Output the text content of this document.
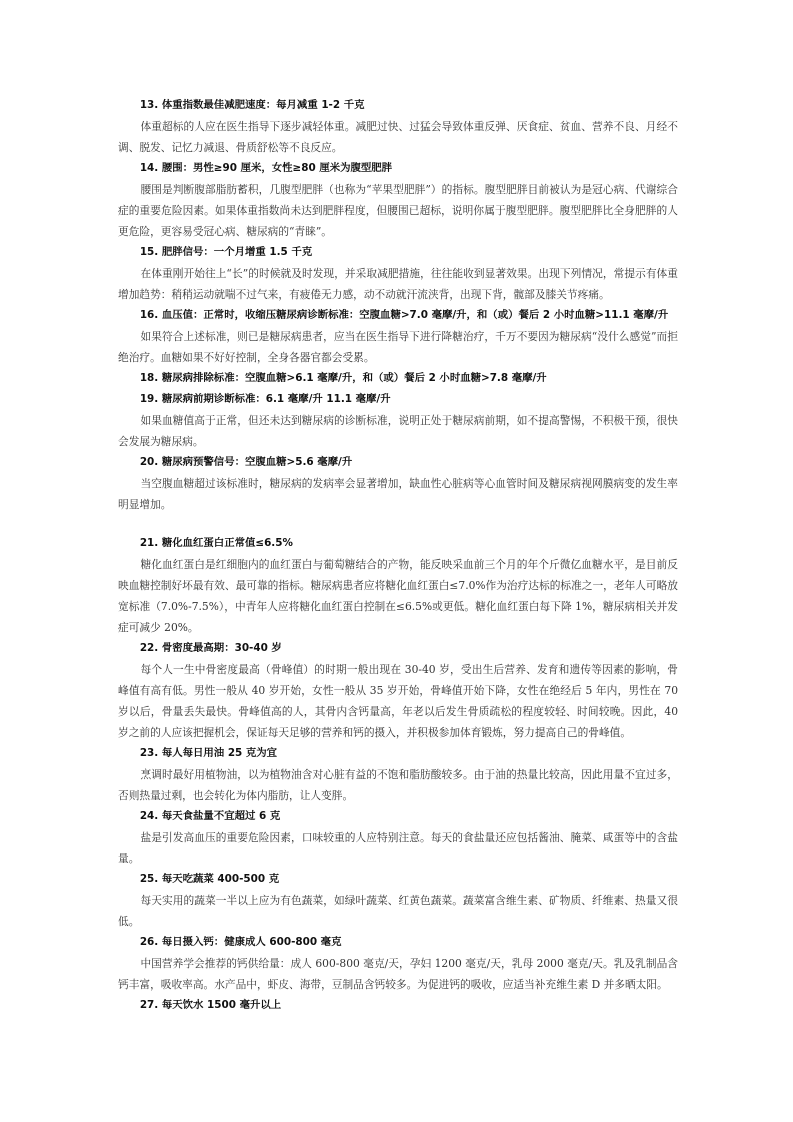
13. 体重指数最佳减肥速度：每月减重 1-2 千克

体重超标的人应在医生指导下逐步减轻体重。减肥过快、过猛会导致体重反弹、厌食症、贫血、营养不良、月经不调、脱发、记忆力减退、骨质舒松等不良反应。

14. 腰围：男性≥90 厘米，女性≥80 厘米为腹型肥胖

腰围是判断腹部脂肪蓄积，几腹型肥胖（也称为“苹果型肥胖”）的指标。腹型肥胖目前被认为是冠心病、代谢综合症的重要危险因素。如果体重指数尚未达到肥胖程度，但腰围已超标，说明你属于腹型肥胖。腹型肥胖比全身肥胖的人更危险，更容易受冠心病、糖尿病的“青睐”。

15. 肥胖信号：一个月增重 1.5 千克

在体重刚开始往上“长”的时候就及时发现，并采取减肥措施，往往能收到显著效果。出现下列情况，常提示有体重增加趋势：稍稍运动就喘不过气来，有疲倦无力感，动不动就汗流浃背，出现下背，髋部及膝关节疼痛。

16. 血压值：正常时，收缩压糖尿病诊断标准：空腹血糖>7.0 毫摩/升，和（或）餐后 2 小时血糖>11.1 毫摩/升

如果符合上述标准，则已是糖尿病患者，应当在医生指导下进行降糖治疗，千万不要因为糖尿病“没什么感觉”而拒绝治疗。血糖如果不好好控制，全身各器官都会受累。

18. 糖尿病排除标准：空腹血糖>6.1 毫摩/升，和（或）餐后 2 小时血糖>7.8 毫摩/升

19. 糖尿病前期诊断标准：6.1 毫摩/升 11.1 毫摩/升

如果血糖值高于正常，但还未达到糖尿病的诊断标准，说明正处于糖尿病前期，如不提高警惕，不积极干预，很快会发展为糖尿病。

20. 糖尿病预警信号：空腹血糖>5.6 毫摩/升

当空腹血糖超过该标准时，糖尿病的发病率会显著增加，缺血性心脏病等心血管时间及糖尿病视网膜病变的发生率明显增加。

21. 糖化血红蛋白正常值≤6.5%

糖化血红蛋白是红细胞内的血红蛋白与葡萄糖结合的产物，能反映采血前三个月的年个斤微亿血糖水平，是目前反映血糖控制好坏最有效、最可靠的指标。糖尿病患者应将糖化血红蛋白≤7.0%作为治疗达标的标准之一，老年人可略放宽标准（7.0%-7.5%），中青年人应将糖化血红蛋白控制在≤6.5%或更低。糖化血红蛋白每下降 1%，糖尿病相关并发症可减少 20%。

22. 骨密度最高期：30-40 岁

每个人一生中骨密度最高（骨峰值）的时期一般出现在 30-40 岁，受出生后营养、发育和遗传等因素的影响，骨峰值有高有低。男性一般从 40 岁开始，女性一般从 35 岁开始，骨峰值开始下降，女性在绝经后 5 年内，男性在 70 岁以后，骨量丢失最快。骨峰值高的人，其骨内含钙量高，年老以后发生骨质疏松的程度较轻、时间较晚。因此，40 岁之前的人应该把握机会，保证每天足够的营养和钙的摄入，并积极参加体育锻炼，努力提高自己的骨峰值。

23. 每人每日用油 25 克为宜

烹调时最好用植物油，以为植物油含对心脏有益的不饱和脂肪酸较多。由于油的热量比较高，因此用量不宜过多，否则热量过剩，也会转化为体内脂肪，让人变胖。

24. 每天食盐量不宜超过 6 克

盐是引发高血压的重要危险因素，口味较重的人应特别注意。每天的食盐量还应包括酱油、腌菜、咸蛋等中的含盐量。

25. 每天吃蔬菜 400-500 克

每天实用的蔬菜一半以上应为有色蔬菜，如绿叶蔬菜、红黄色蔬菜。蔬菜富含维生素、矿物质、纤维素、热量又很低。

26. 每日摄入钙：健康成人 600-800 毫克

中国营养学会推荐的钙供给量：成人 600-800 毫克/天，孕妇 1200 毫克/天，乳母 2000 毫克/天。乳及乳制品含钙丰富，吸收率高。水产品中，虾皮、海带，豆制品含钙较多。为促进钙的吸收，应适当补充维生素 D 并多晒太阳。

27. 每天饮水 1500 毫升以上
